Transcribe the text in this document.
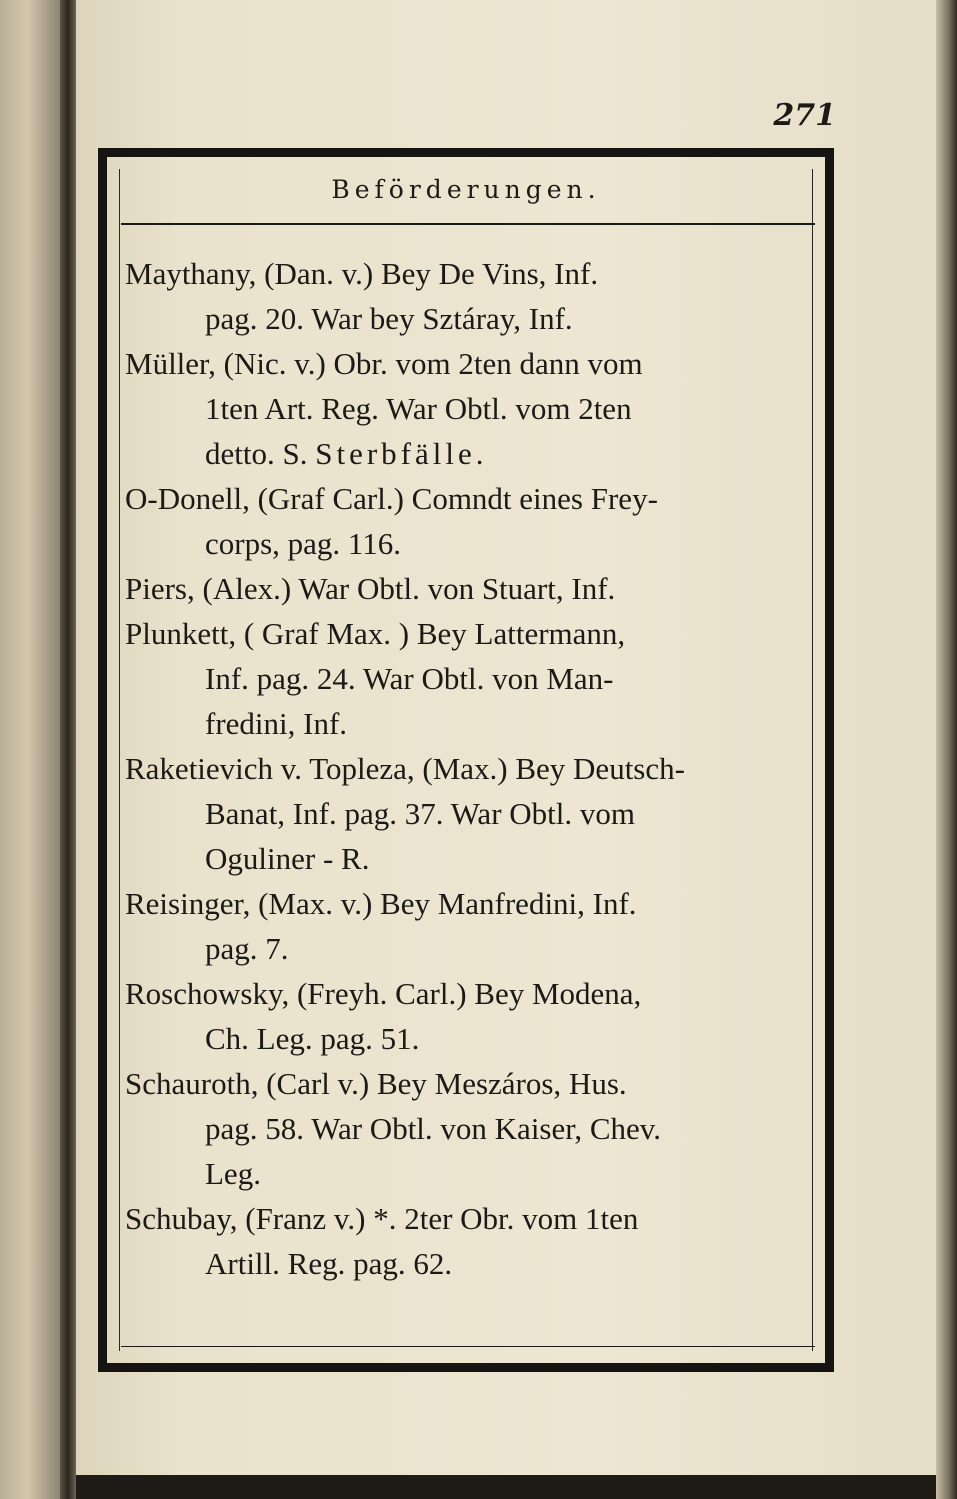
271
Beförderungen.
Maythany, (Dan. v.) Bey De Vins, Inf.
pag. 20. War bey Sztáray, Inf.
Müller, (Nic. v.) Obr. vom 2ten dann vom
1ten Art. Reg. War Obtl. vom 2ten
detto. S. Sterbfälle.
O-Donell, (Graf Carl.) Comndt eines Frey-
corps, pag. 116.
Piers, (Alex.) War Obtl. von Stuart, Inf.
Plunkett, ( Graf Max. ) Bey Lattermann,
Inf. pag. 24. War Obtl. von Man-
fredini, Inf.
Raketievich v. Topleza, (Max.) Bey Deutsch-
Banat, Inf. pag. 37. War Obtl. vom
Oguliner - R.
Reisinger, (Max. v.) Bey Manfredini, Inf.
pag. 7.
Roschowsky, (Freyh. Carl.) Bey Modena,
Ch. Leg. pag. 51.
Schauroth, (Carl v.) Bey Meszáros, Hus.
pag. 58. War Obtl. von Kaiser, Chev.
Leg.
Schubay, (Franz v.) *. 2ter Obr. vom 1ten
Artill. Reg. pag. 62.
